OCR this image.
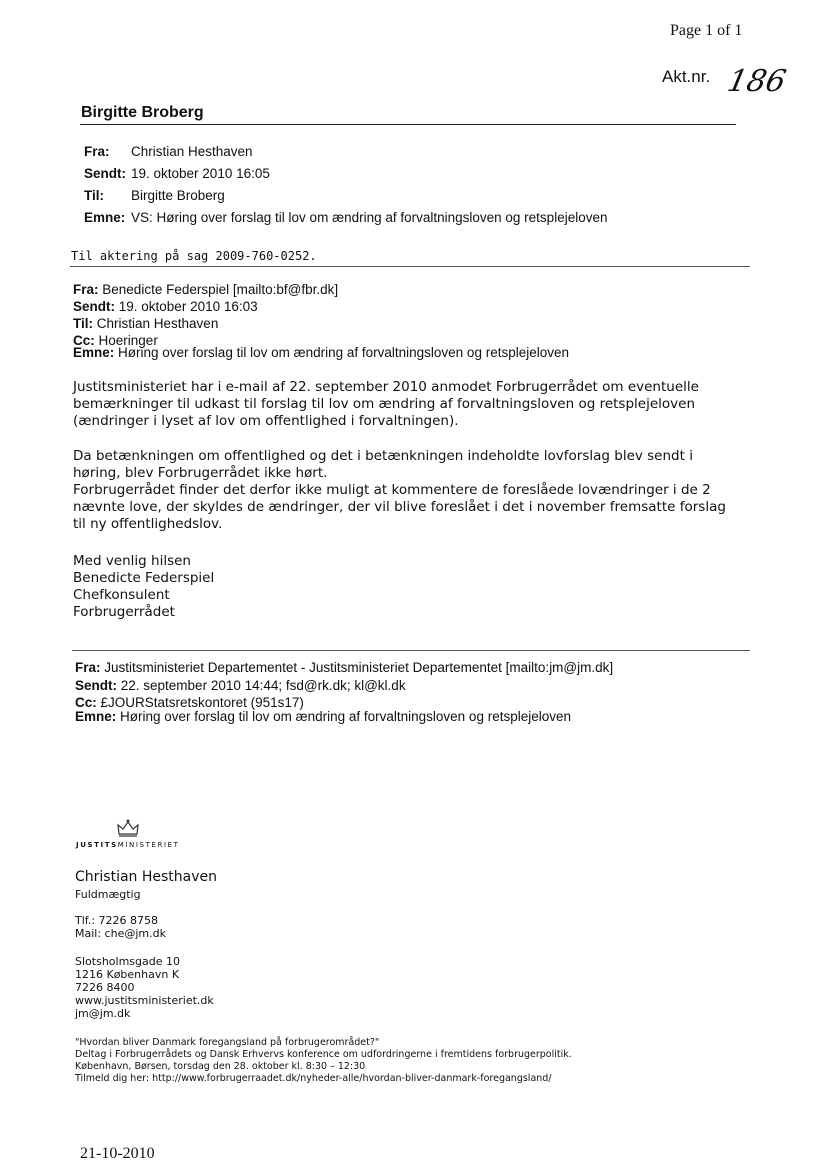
Page 1 of 1
Akt.nr. 186
Birgitte Broberg
Fra: Christian Hesthaven
Sendt: 19. oktober 2010 16:05
Til: Birgitte Broberg
Emne: VS: Høring over forslag til lov om ændring af forvaltningsloven og retsplejeloven
Til aktering på sag 2009-760-0252.
Fra: Benedicte Federspiel [mailto:bf@fbr.dk]
Sendt: 19. oktober 2010 16:03
Til: Christian Hesthaven
Cc: Hoeringer
Emne: Høring over forslag til lov om ændring af forvaltningsloven og retsplejeloven
Justitsministeriet har i e-mail af 22. september 2010 anmodet Forbrugerrådet om eventuelle
bemærkninger til udkast til forslag til lov om ændring af forvaltningsloven og retsplejeloven
(ændringer i lyset af lov om offentlighed i forvaltningen).
Da betænkningen om offentlighed og det i betænkningen indeholdte lovforslag blev sendt i
høring, blev Forbrugerrådet ikke hørt.
Forbrugerrådet finder det derfor ikke muligt at kommentere de foreslåede lovændringer i de 2
nævnte love, der skyldes de ændringer, der vil blive foreslået i det i november fremsatte forslag
til ny offentlighedslov.
Med venlig hilsen
Benedicte Federspiel
Chefkonsulent
Forbrugerrådet
Fra: Justitsministeriet Departementet - Justitsministeriet Departementet [mailto:jm@jm.dk]
Sendt: 22. september 2010 14:44; fsd@rk.dk; kl@kl.dk
Cc: £JOURStatsretskontoret (951s17)
Emne: Høring over forslag til lov om ændring af forvaltningsloven og retsplejeloven
JUSTITSMINISTERIET
Christian Hesthaven
Fuldmægtig
Tlf.: 7226 8758
Mail: che@jm.dk
Slotsholmsgade 10
1216 København K
7226 8400
www.justitsministeriet.dk
jm@jm.dk
"Hvordan bliver Danmark foregangsland på forbrugerområdet?"
Deltag i Forbrugerrådets og Dansk Erhvervs konference om udfordringerne i fremtidens forbrugerpolitik.
København, Børsen, torsdag den 28. oktober kl. 8:30 – 12:30
Tilmeld dig her: http://www.forbrugerraadet.dk/nyheder-alle/hvordan-bliver-danmark-foregangsland/
21-10-2010
